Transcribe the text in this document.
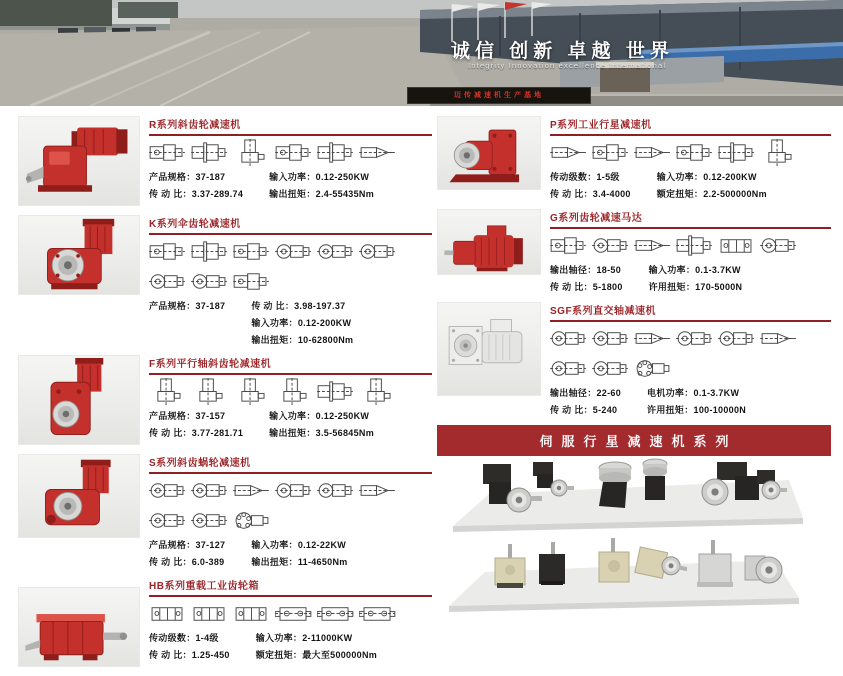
诚信 创新 卓越 世界
Integrity Innovation excellence International
迈传减速机生产基地
R系列斜齿轮减速机
产品规格：37-187
传 动 比：3.37-289.74
输入功率：0.12-250KW
输出扭矩：2.4-55435Nm
K系列伞齿轮减速机
产品规格：37-187	传 动 比：3.98-197.37
输入功率：0.12-200KW
输出扭矩：10-62800Nm
F系列平行轴斜齿轮减速机
产品规格：37-157
传 动 比：3.77-281.71
输入功率：0.12-250KW
输出扭矩：3.5-56845Nm
S系列斜齿蜗轮减速机
产品规格：37-127
传 动 比：6.0-389
输入功率：0.12-22KW
输出扭矩：11-4650Nm
HB系列重载工业齿轮箱
传动级数：1-4级
传 动 比：1.25-450
输入功率：2-11000KW
额定扭矩：最大至500000Nm
P系列工业行星减速机
传动级数：1-5级
传 动 比：3.4-4000
输入功率：0.12-200KW
额定扭矩：2.2-500000Nm
G系列齿轮减速马达
输出轴径：18-50
传 动 比：5-1800
输入功率：0.1-3.7KW
许用扭矩：170-5000N
SGF系列直交轴减速机
输出轴径：22-60
传 动 比：5-240
电机功率：0.1-3.7KW
许用扭矩：100-10000N
伺服行星减速机系列
